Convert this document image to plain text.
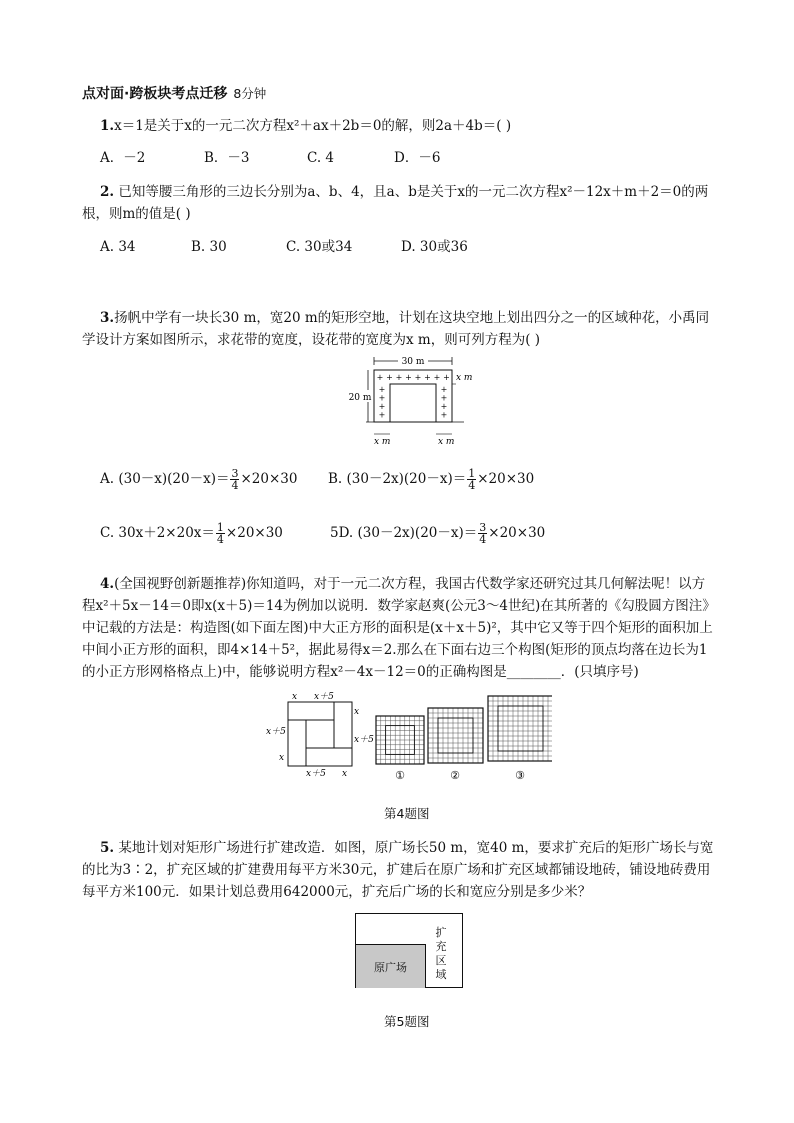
点对面·跨板块考点迁移 8分钟
1.x＝1是关于x的一元二次方程x²＋ax＋2b＝0的解，则2a＋4b＝( )
A．－2	B．－3	C. 4	D．－6
2. 已知等腰三角形的三边长分别为a、b、4，且a、b是关于x的一元二次方程x²－12x＋m＋2＝0的两
根，则m的值是( )
A. 34	B. 30	C. 30或34	D. 30或36
3.扬帆中学有一块长30 m，宽20 m的矩形空地，计划在这块空地上划出四分之一的区域种花，小禹同
学设计方案如图所示，求花带的宽度，设花带的宽度为x m，则可列方程为( )
30 m
20 m
x m
x m	x m
+ + + + + + + +
+	+
+	+
+	+
+	+
A. $(30-x)(20-x)= \frac{3}{4} \times 20\times 30$ B. $(30-2x)(20-x)= \frac{1}{4} \times 20\times 30$
C. $30x+2\times 20x= \frac{1}{4} \times 20\times 30$	5D. $(30-2x)(20-x)= \frac{3}{4} \times 20\times 30$
4.(全国视野创新题推荐)你知道吗，对于一元二次方程，我国古代数学家还研究过其几何解法呢！以方
程x²＋5x－14＝0即x(x＋5)＝14为例加以说明．数学家赵爽(公元3～4世纪)在其所著的《勾股圆方图注》
中记载的方法是：构造图(如下面左图)中大正方形的面积是(x＋x＋5)²，其中它又等于四个矩形的面积加上
中间小正方形的面积，即4×14＋5²，据此易得x＝2.那么在下面右边三个构图(矩形的顶点均落在边长为1
的小正方形网格格点上)中，能够说明方程x²－4x－12＝0的正确构图是________．(只填序号)
x x＋5
x＋5
x
x
x＋5
x＋5 x	①	②	③
第4题图
5. 某地计划对矩形广场进行扩建改造．如图，原广场长50 m，宽40 m，要求扩充后的矩形广场长与宽
的比为3∶2，扩充区域的扩建费用每平方米30元，扩建后在原广场和扩充区域都铺设地砖，铺设地砖费用
每平方米100元．如果计划总费用642000元，扩充后广场的长和宽应分别是多少米？
原广场
扩
充
区
域
第5题图
